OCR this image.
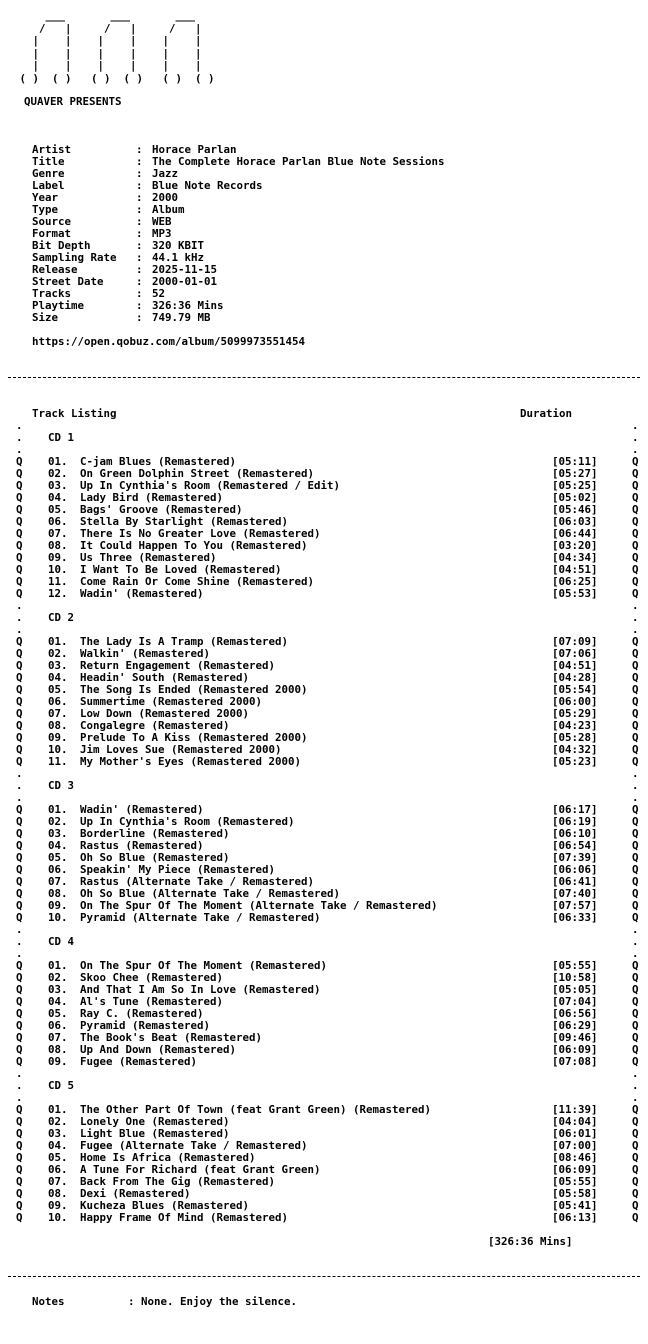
___       ___       ___
/   |     /   |     /   |
|    |    |    |    |    |
|    |    |    |    |    |
|    |    |    |    |    |
( )  ( )   ( )  ( )   ( )  ( )
QUAVER PRESENTS
Artist	: Horace Parlan
Title	: The Complete Horace Parlan Blue Note Sessions
Genre	: Jazz
Label	: Blue Note Records
Year	: 2000
Type	: Album
Source	: WEB
Format	: MP3
Bit Depth	: 320 KBIT
Sampling Rate : 44.1 kHz
Release	: 2025-11-15
Street Date	: 2000-01-01
Tracks	: 52
Playtime	: 326:36 Mins
Size	: 749.79 MB
https://open.qobuz.com/album/5099973551454
Track Listing	Duration
.	.
. CD 1	.
.	.
Q 01. C-jam Blues (Remastered)	[05:11]	Q
Q 02. On Green Dolphin Street (Remastered)	[05:27]	Q
Q 03. Up In Cynthia's Room (Remastered / Edit)	[05:25]	Q
Q 04. Lady Bird (Remastered)	[05:02]	Q
Q 05. Bags' Groove (Remastered)	[05:46]	Q
Q 06. Stella By Starlight (Remastered)	[06:03]	Q
Q 07. There Is No Greater Love (Remastered)	[06:44]	Q
Q 08. It Could Happen To You (Remastered)	[03:20]	Q
Q 09. Us Three (Remastered)	[04:34]	Q
Q 10. I Want To Be Loved (Remastered)	[04:51]	Q
Q 11. Come Rain Or Come Shine (Remastered)	[06:25]	Q
Q 12. Wadin' (Remastered)	[05:53]	Q
.	.
. CD 2	.
.	.
Q 01. The Lady Is A Tramp (Remastered)	[07:09]	Q
Q 02. Walkin' (Remastered)	[07:06]	Q
Q 03. Return Engagement (Remastered)	[04:51]	Q
Q 04. Headin' South (Remastered)	[04:28]	Q
Q 05. The Song Is Ended (Remastered 2000)	[05:54]	Q
Q 06. Summertime (Remastered 2000)	[06:00]	Q
Q 07. Low Down (Remastered 2000)	[05:29]	Q
Q 08. Congalegre (Remastered)	[04:23]	Q
Q 09. Prelude To A Kiss (Remastered 2000)	[05:28]	Q
Q 10. Jim Loves Sue (Remastered 2000)	[04:32]	Q
Q 11. My Mother's Eyes (Remastered 2000)	[05:23]	Q
.	.
. CD 3	.
.	.
Q 01. Wadin' (Remastered)	[06:17]	Q
Q 02. Up In Cynthia's Room (Remastered)	[06:19]	Q
Q 03. Borderline (Remastered)	[06:10]	Q
Q 04. Rastus (Remastered)	[06:54]	Q
Q 05. Oh So Blue (Remastered)	[07:39]	Q
Q 06. Speakin' My Piece (Remastered)	[06:06]	Q
Q 07. Rastus (Alternate Take / Remastered)	[06:41]	Q
Q 08. Oh So Blue (Alternate Take / Remastered)	[07:40]	Q
Q 09. On The Spur Of The Moment (Alternate Take / Remastered)	[07:57]	Q
Q 10. Pyramid (Alternate Take / Remastered)	[06:33]	Q
.	.
. CD 4	.
.	.
Q 01. On The Spur Of The Moment (Remastered)	[05:55]	Q
Q 02. Skoo Chee (Remastered)	[10:58]	Q
Q 03. And That I Am So In Love (Remastered)	[05:05]	Q
Q 04. Al's Tune (Remastered)	[07:04]	Q
Q 05. Ray C. (Remastered)	[06:56]	Q
Q 06. Pyramid (Remastered)	[06:29]	Q
Q 07. The Book's Beat (Remastered)	[09:46]	Q
Q 08. Up And Down (Remastered)	[06:09]	Q
Q 09. Fugee (Remastered)	[07:08]	Q
.	.
. CD 5	.
.	.
Q 01. The Other Part Of Town (feat Grant Green) (Remastered)	[11:39]	Q
Q 02. Lonely One (Remastered)	[04:04]	Q
Q 03. Light Blue (Remastered)	[06:01]	Q
Q 04. Fugee (Alternate Take / Remastered)	[07:00]	Q
Q 05. Home Is Africa (Remastered)	[08:46]	Q
Q 06. A Tune For Richard (feat Grant Green)	[06:09]	Q
Q 07. Back From The Gig (Remastered)	[05:55]	Q
Q 08. Dexi (Remastered)	[05:58]	Q
Q 09. Kucheza Blues (Remastered)	[05:41]	Q
Q 10. Happy Frame Of Mind (Remastered)	[06:13]	Q
[326:36 Mins]
Notes	: None. Enjoy the silence.
